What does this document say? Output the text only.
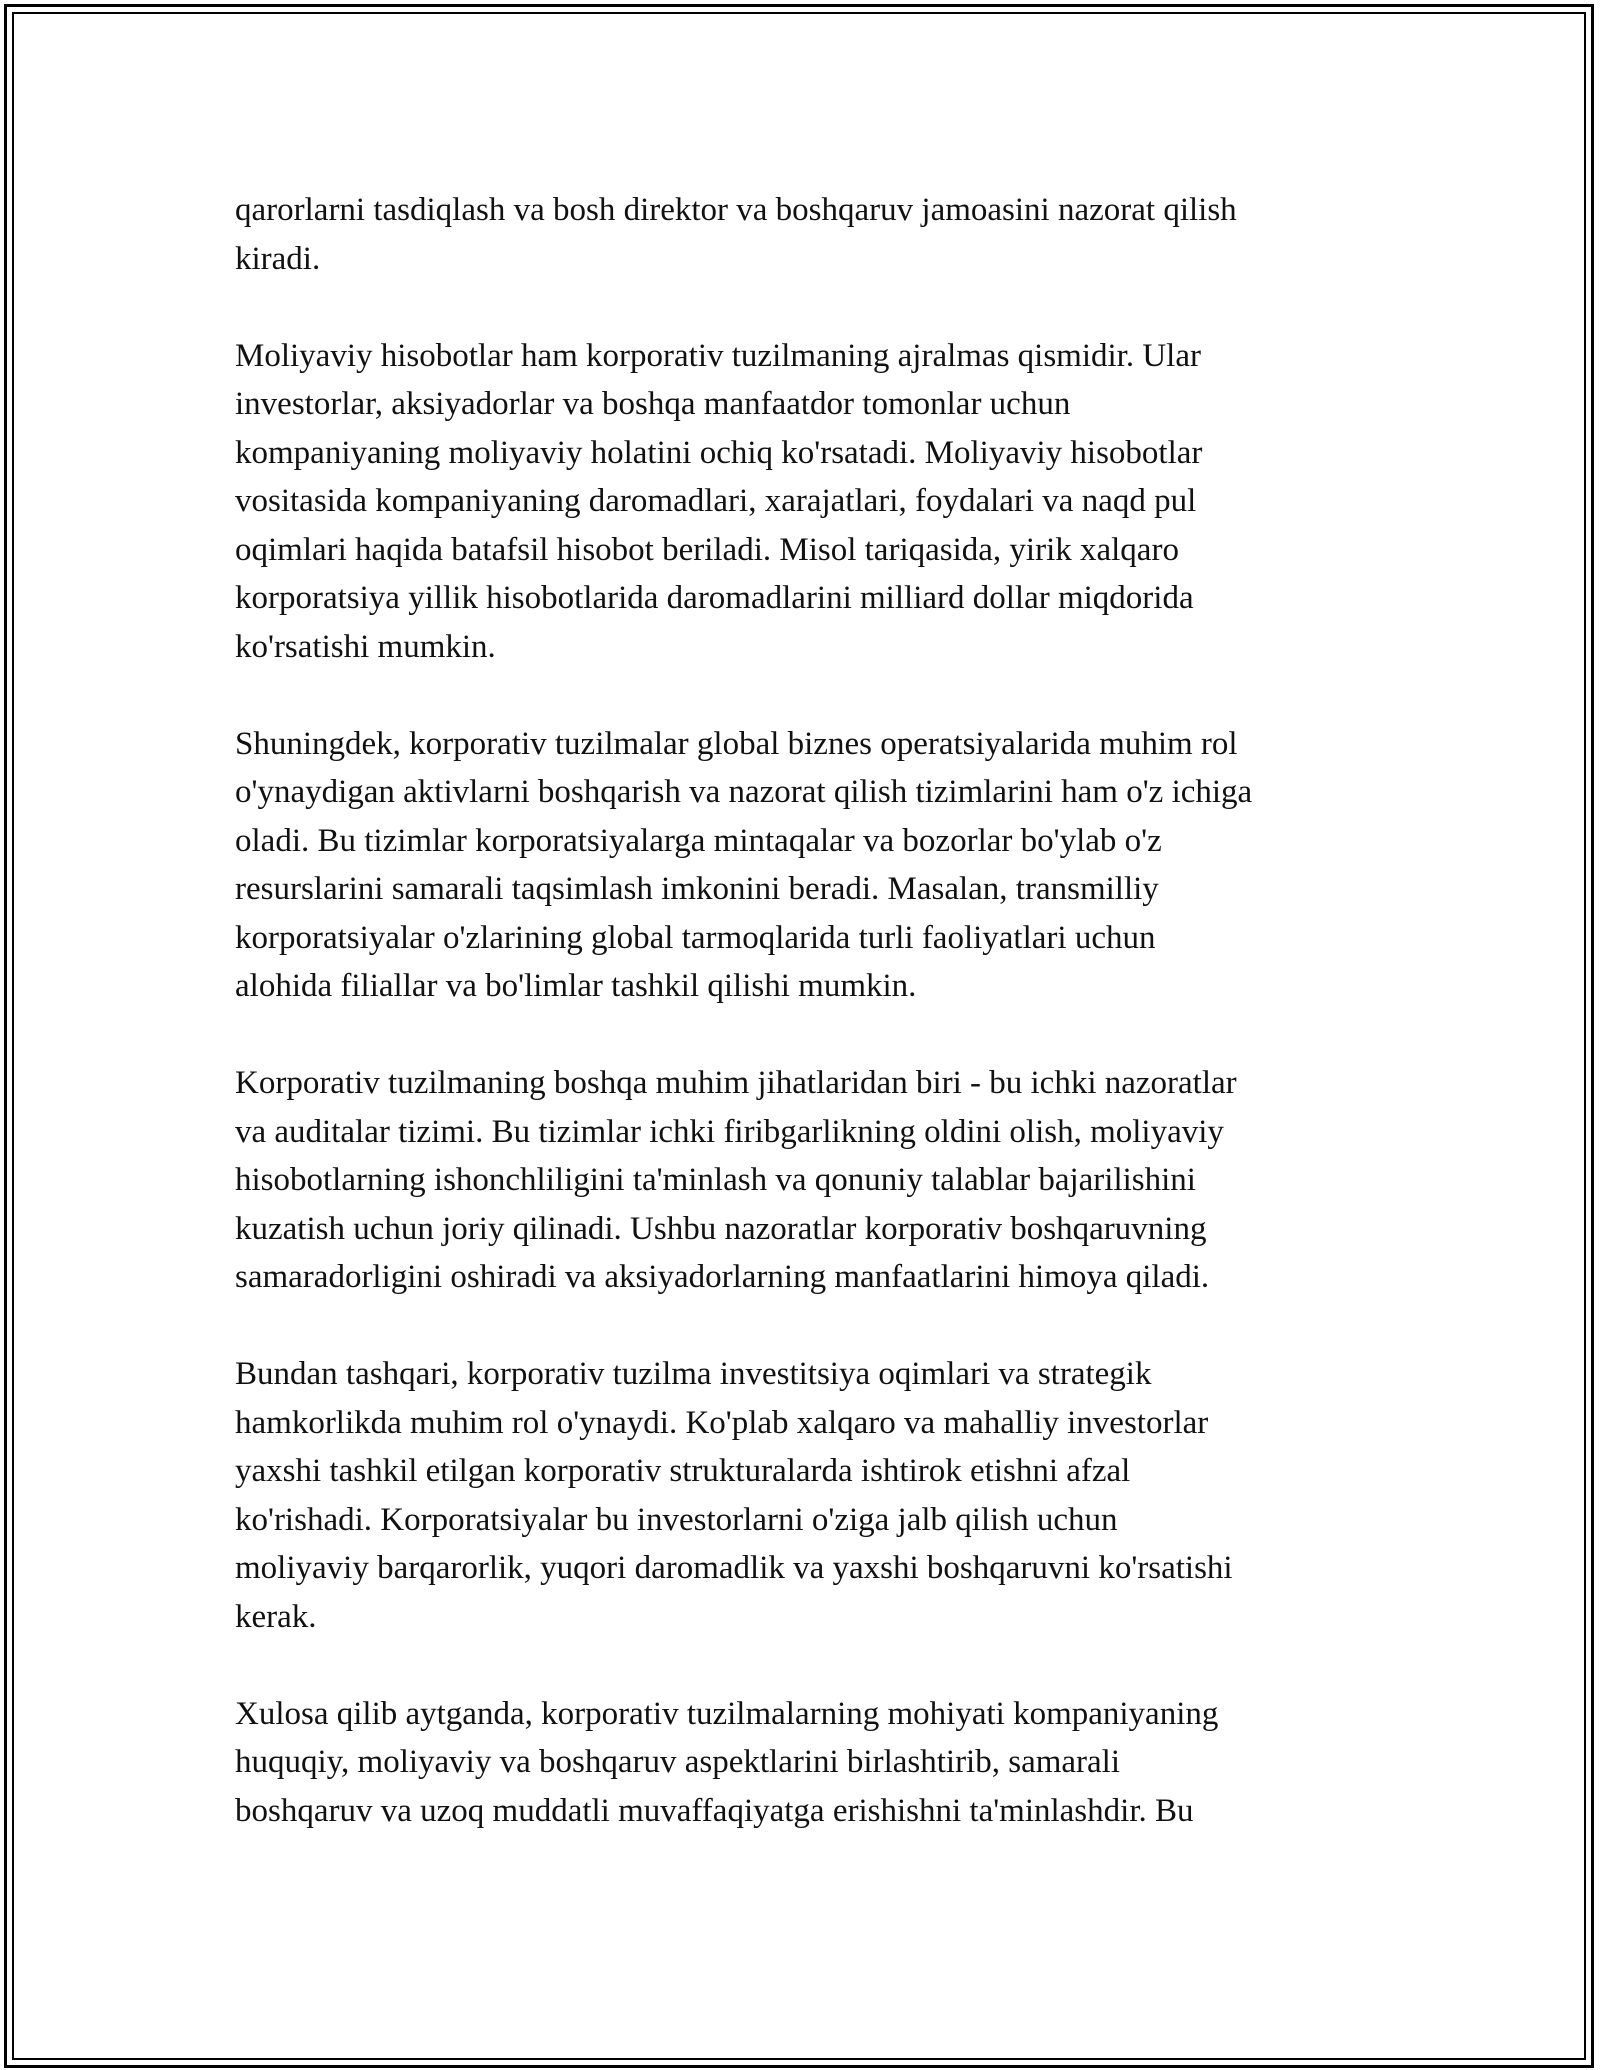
qarorlarni tasdiqlash va bosh direktor va boshqaruv jamoasini nazorat qilish
kiradi.

Moliyaviy hisobotlar ham korporativ tuzilmaning ajralmas qismidir. Ular
investorlar, aksiyadorlar va boshqa manfaatdor tomonlar uchun
kompaniyaning moliyaviy holatini ochiq ko'rsatadi. Moliyaviy hisobotlar
vositasida kompaniyaning daromadlari, xarajatlari, foydalari va naqd pul
oqimlari haqida batafsil hisobot beriladi. Misol tariqasida, yirik xalqaro
korporatsiya yillik hisobotlarida daromadlarini milliard dollar miqdorida
ko'rsatishi mumkin.

Shuningdek, korporativ tuzilmalar global biznes operatsiyalarida muhim rol
o'ynaydigan aktivlarni boshqarish va nazorat qilish tizimlarini ham o'z ichiga
oladi. Bu tizimlar korporatsiyalarga mintaqalar va bozorlar bo'ylab o'z
resurslarini samarali taqsimlash imkonini beradi. Masalan, transmilliy
korporatsiyalar o'zlarining global tarmoqlarida turli faoliyatlari uchun
alohida filiallar va bo'limlar tashkil qilishi mumkin.

Korporativ tuzilmaning boshqa muhim jihatlaridan biri - bu ichki nazoratlar
va auditalar tizimi. Bu tizimlar ichki firibgarlikning oldini olish, moliyaviy
hisobotlarning ishonchliligini ta'minlash va qonuniy talablar bajarilishini
kuzatish uchun joriy qilinadi. Ushbu nazoratlar korporativ boshqaruvning
samaradorligini oshiradi va aksiyadorlarning manfaatlarini himoya qiladi.

Bundan tashqari, korporativ tuzilma investitsiya oqimlari va strategik
hamkorlikda muhim rol o'ynaydi. Ko'plab xalqaro va mahalliy investorlar
yaxshi tashkil etilgan korporativ strukturalarda ishtirok etishni afzal
ko'rishadi. Korporatsiyalar bu investorlarni o'ziga jalb qilish uchun
moliyaviy barqarorlik, yuqori daromadlik va yaxshi boshqaruvni ko'rsatishi
kerak.

Xulosa qilib aytganda, korporativ tuzilmalarning mohiyati kompaniyaning
huquqiy, moliyaviy va boshqaruv aspektlarini birlashtirib, samarali
boshqaruv va uzoq muddatli muvaffaqiyatga erishishni ta'minlashdir. Bu
